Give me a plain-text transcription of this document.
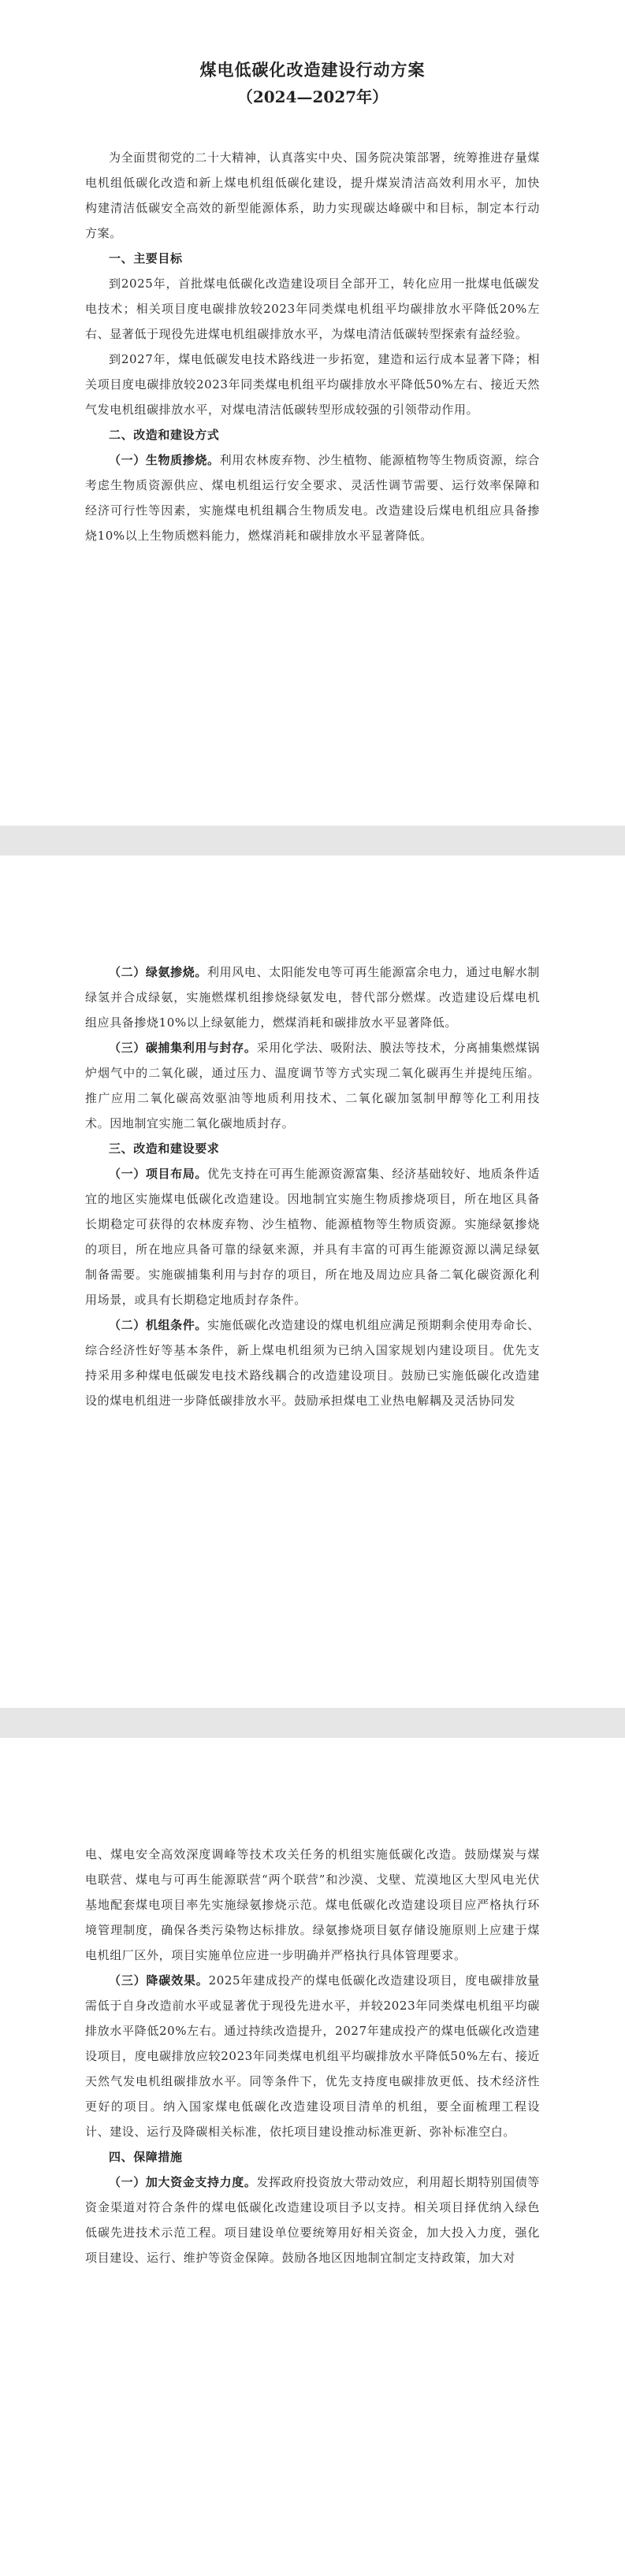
煤电低碳化改造建设行动方案
（2024—2027年）

为全面贯彻党的二十大精神，认真落实中央、国务院决策部署，统筹推进存量煤电机组低碳化改造和新上煤电机组低碳化建设，提升煤炭清洁高效利用水平，加快构建清洁低碳安全高效的新型能源体系，助力实现碳达峰碳中和目标，制定本行动方案。

一、主要目标

到2025年，首批煤电低碳化改造建设项目全部开工，转化应用一批煤电低碳发电技术；相关项目度电碳排放较2023年同类煤电机组平均碳排放水平降低20%左右、显著低于现役先进煤电机组碳排放水平，为煤电清洁低碳转型探索有益经验。

到2027年，煤电低碳发电技术路线进一步拓宽，建造和运行成本显著下降；相关项目度电碳排放较2023年同类煤电机组平均碳排放水平降低50%左右、接近天然气发电机组碳排放水平，对煤电清洁低碳转型形成较强的引领带动作用。

二、改造和建设方式

（一）生物质掺烧。利用农林废弃物、沙生植物、能源植物等生物质资源，综合考虑生物质资源供应、煤电机组运行安全要求、灵活性调节需要、运行效率保障和经济可行性等因素，实施煤电机组耦合生物质发电。改造建设后煤电机组应具备掺烧10%以上生物质燃料能力，燃煤消耗和碳排放水平显著降低。

（二）绿氨掺烧。利用风电、太阳能发电等可再生能源富余电力，通过电解水制绿氢并合成绿氨，实施燃煤机组掺烧绿氨发电，替代部分燃煤。改造建设后煤电机组应具备掺烧10%以上绿氨能力，燃煤消耗和碳排放水平显著降低。

（三）碳捕集利用与封存。采用化学法、吸附法、膜法等技术，分离捕集燃煤锅炉烟气中的二氧化碳，通过压力、温度调节等方式实现二氧化碳再生并提纯压缩。推广应用二氧化碳高效驱油等地质利用技术、二氧化碳加氢制甲醇等化工利用技术。因地制宜实施二氧化碳地质封存。

三、改造和建设要求

（一）项目布局。优先支持在可再生能源资源富集、经济基础较好、地质条件适宜的地区实施煤电低碳化改造建设。因地制宜实施生物质掺烧项目，所在地区具备长期稳定可获得的农林废弃物、沙生植物、能源植物等生物质资源。实施绿氨掺烧的项目，所在地应具备可靠的绿氨来源，并具有丰富的可再生能源资源以满足绿氨制备需要。实施碳捕集利用与封存的项目，所在地及周边应具备二氧化碳资源化利用场景，或具有长期稳定地质封存条件。

（二）机组条件。实施低碳化改造建设的煤电机组应满足预期剩余使用寿命长、综合经济性好等基本条件，新上煤电机组须为已纳入国家规划内建设项目。优先支持采用多种煤电低碳发电技术路线耦合的改造建设项目。鼓励已实施低碳化改造建设的煤电机组进一步降低碳排放水平。鼓励承担煤电工业热电解耦及灵活协同发

电、煤电安全高效深度调峰等技术攻关任务的机组实施低碳化改造。鼓励煤炭与煤电联营、煤电与可再生能源联营“两个联营”和沙漠、戈壁、荒漠地区大型风电光伏基地配套煤电项目率先实施绿氨掺烧示范。煤电低碳化改造建设项目应严格执行环境管理制度，确保各类污染物达标排放。绿氨掺烧项目氨存储设施原则上应建于煤电机组厂区外，项目实施单位应进一步明确并严格执行具体管理要求。

（三）降碳效果。2025年建成投产的煤电低碳化改造建设项目，度电碳排放量需低于自身改造前水平或显著优于现役先进水平，并较2023年同类煤电机组平均碳排放水平降低20%左右。通过持续改造提升，2027年建成投产的煤电低碳化改造建设项目，度电碳排放应较2023年同类煤电机组平均碳排放水平降低50%左右、接近天然气发电机组碳排放水平。同等条件下，优先支持度电碳排放更低、技术经济性更好的项目。纳入国家煤电低碳化改造建设项目清单的机组，要全面梳理工程设计、建设、运行及降碳相关标准，依托项目建设推动标准更新、弥补标准空白。

四、保障措施

（一）加大资金支持力度。发挥政府投资放大带动效应，利用超长期特别国债等资金渠道对符合条件的煤电低碳化改造建设项目予以支持。相关项目择优纳入绿色低碳先进技术示范工程。项目建设单位要统筹用好相关资金，加大投入力度，强化项目建设、运行、维护等资金保障。鼓励各地区因地制宜制定支持政策，加大对
